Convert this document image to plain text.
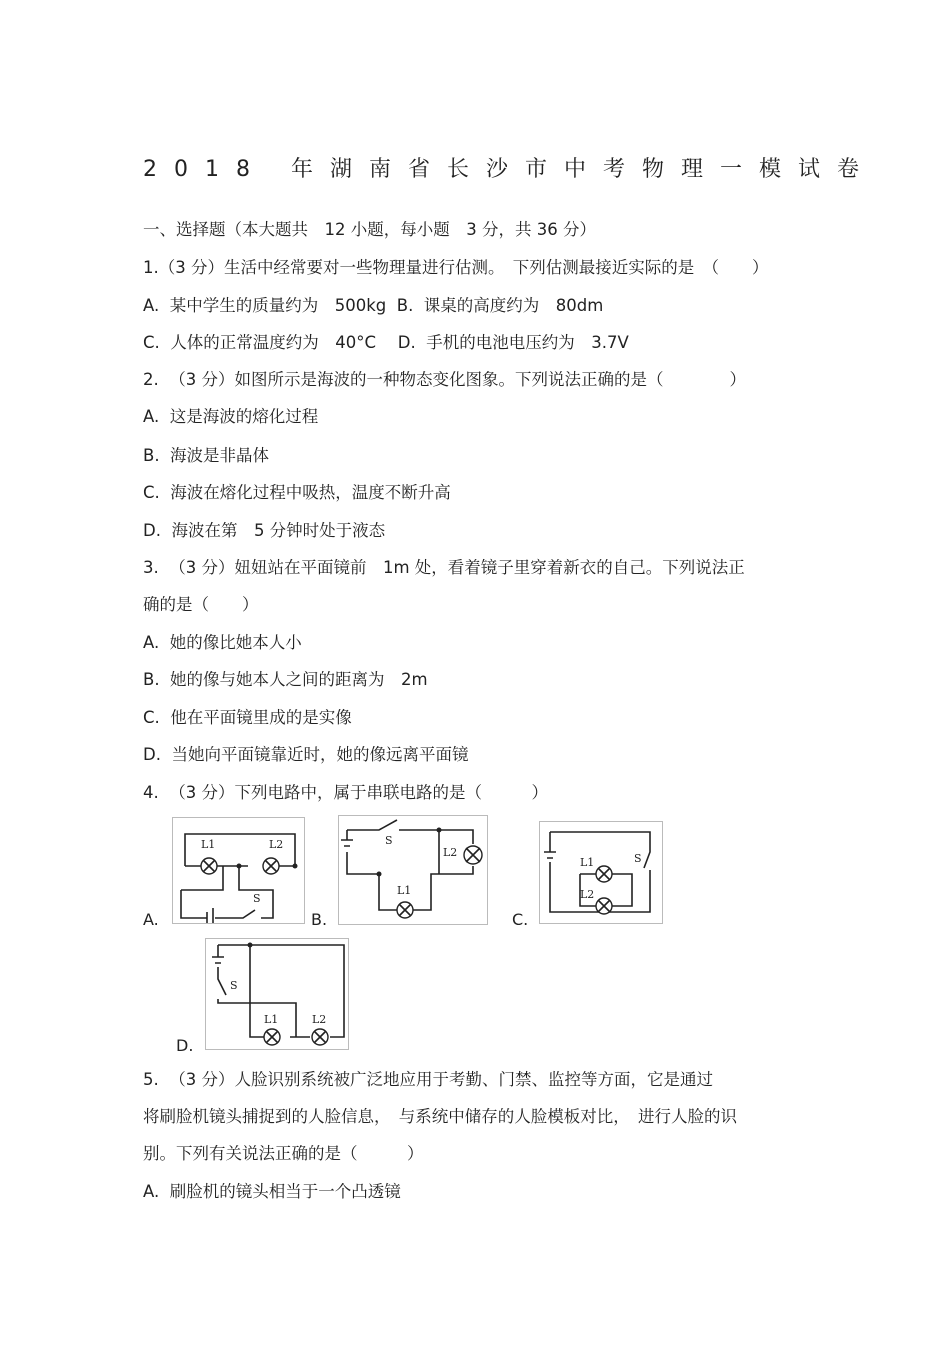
2018 年湖南省长沙市中考物理一模试卷
一、选择题（本大题共　12 小题，每小题　3 分，共 36 分）
1.（3 分）生活中经常要对一些物理量进行估测。　下列估测最接近实际的是　（　　）
A.  某中学生的质量约为　500kg  B.  课桌的高度约为　80dm
C.  人体的正常温度约为　40°C　 D.  手机的电池电压约为　3.7V
2.  （3 分）如图所示是海波的一种物态变化图象。下列说法正确的是（　　　　）
A.  这是海波的熔化过程
B.  海波是非晶体
C.  海波在熔化过程中吸热，温度不断升高
D.  海波在第　5 分钟时处于液态
3.  （3 分）妞妞站在平面镜前　1m 处，看着镜子里穿着新衣的自己。下列说法正
确的是（　　）
A.  她的像比她本人小
B.  她的像与她本人之间的距离为　2m
C.  他在平面镜里成的是实像
D.  当她向平面镜靠近时，她的像远离平面镜
4.  （3 分）下列电路中，属于串联电路的是（　　　）
A.
L1	L2
S
B.
S
L2
L1
C.
L1
L2
S
D.
S
L1	L2
5.  （3 分）人脸识别系统被广泛地应用于考勤、门禁、监控等方面，它是通过
将刷脸机镜头捕捉到的人脸信息，　与系统中储存的人脸模板对比，　进行人脸的识
别。下列有关说法正确的是（　　　）
A.  刷脸机的镜头相当于一个凸透镜
